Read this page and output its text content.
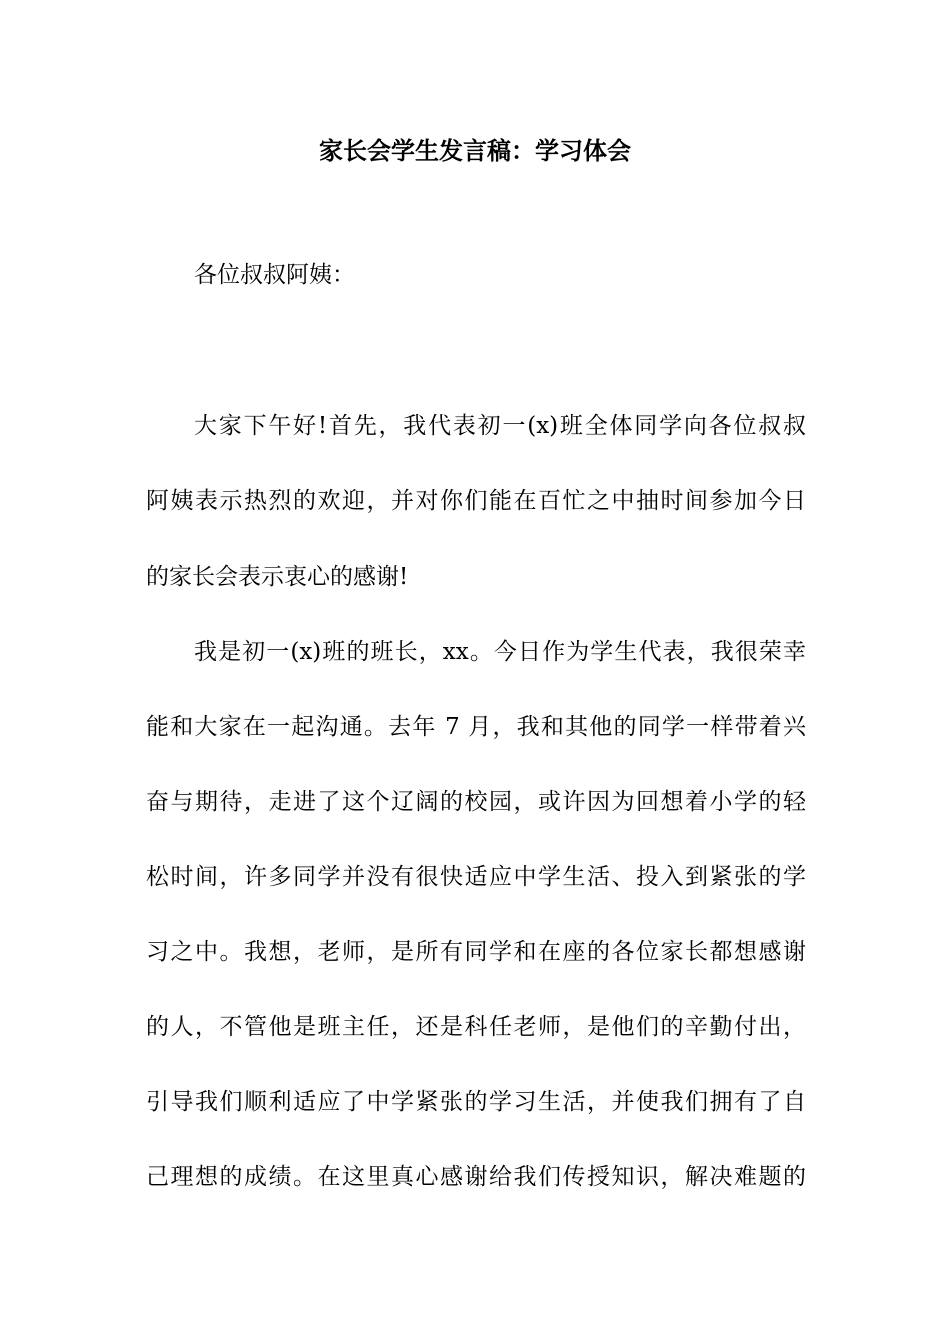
家长会学生发言稿：学习体会
各位叔叔阿姨：
大家下午好!首先，我代表初一(x)班全体同学向各位叔叔
阿姨表示热烈的欢迎，并对你们能在百忙之中抽时间参加今日
的家长会表示衷心的感谢!
我是初一(x)班的班长，xx。今日作为学生代表，我很荣幸
能和大家在一起沟通。去年 7 月，我和其他的同学一样带着兴
奋与期待，走进了这个辽阔的校园，或许因为回想着小学的轻
松时间，许多同学并没有很快适应中学生活、投入到紧张的学
习之中。我想，老师，是所有同学和在座的各位家长都想感谢
的人，不管他是班主任，还是科任老师，是他们的辛勤付出，
引导我们顺利适应了中学紧张的学习生活，并使我们拥有了自
己理想的成绩。在这里真心感谢给我们传授知识，解决难题的
